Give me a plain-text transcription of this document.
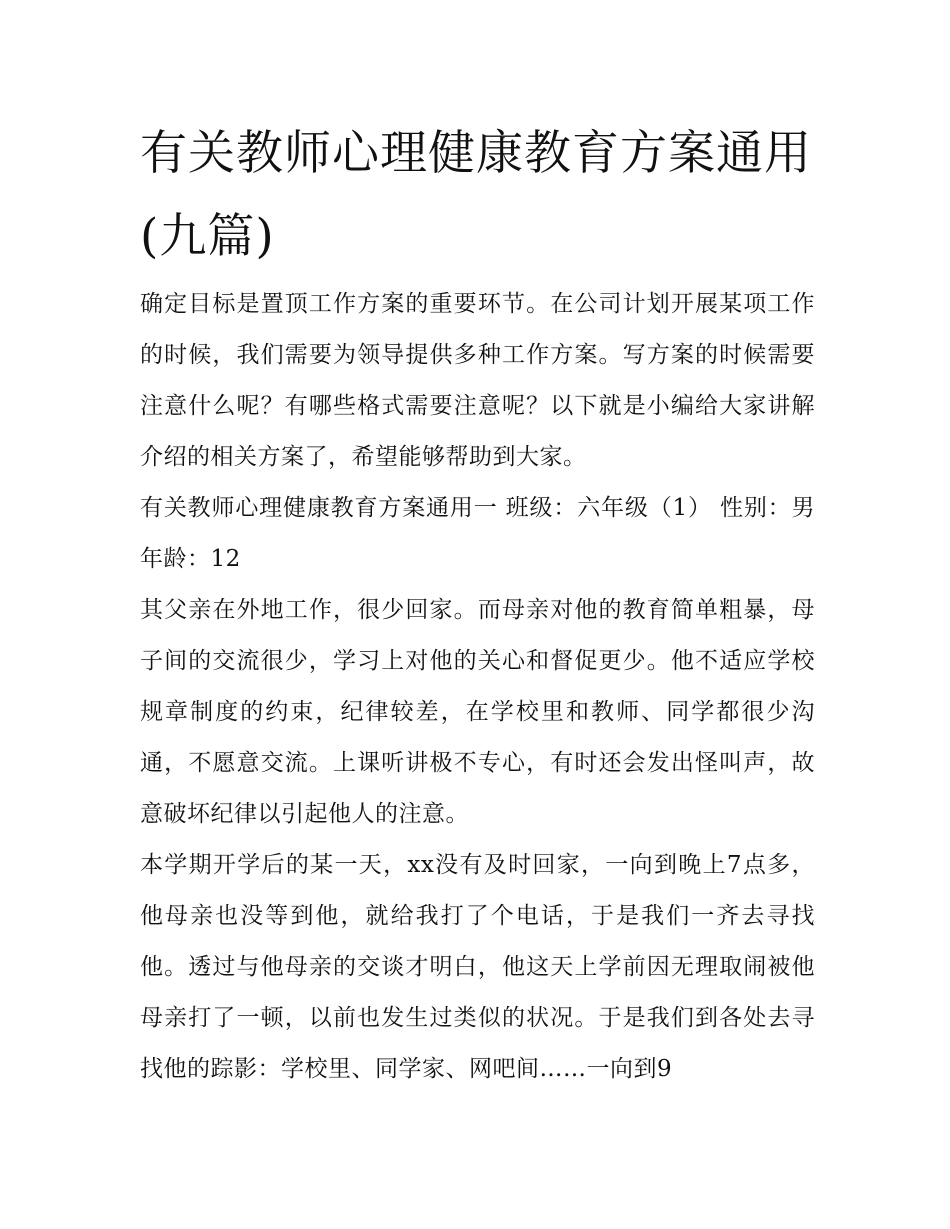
有关教师心理健康教育方案通用(九篇)

确定目标是置顶工作方案的重要环节。在公司计划开展某项工作的时候，我们需要为领导提供多种工作方案。写方案的时候需要注意什么呢？有哪些格式需要注意呢？以下就是小编给大家讲解介绍的相关方案了，希望能够帮助到大家。

有关教师心理健康教育方案通用一 班级：六年级（1） 性别：男 年龄：12

其父亲在外地工作，很少回家。而母亲对他的教育简单粗暴，母子间的交流很少，学习上对他的关心和督促更少。他不适应学校规章制度的约束，纪律较差，在学校里和教师、同学都很少沟通，不愿意交流。上课听讲极不专心，有时还会发出怪叫声，故意破坏纪律以引起他人的注意。

本学期开学后的某一天，xx没有及时回家，一向到晚上7点多，他母亲也没等到他，就给我打了个电话，于是我们一齐去寻找他。透过与他母亲的交谈才明白，他这天上学前因无理取闹被他母亲打了一顿，以前也发生过类似的状况。于是我们到各处去寻找他的踪影：学校里、同学家、网吧间……一向到9
